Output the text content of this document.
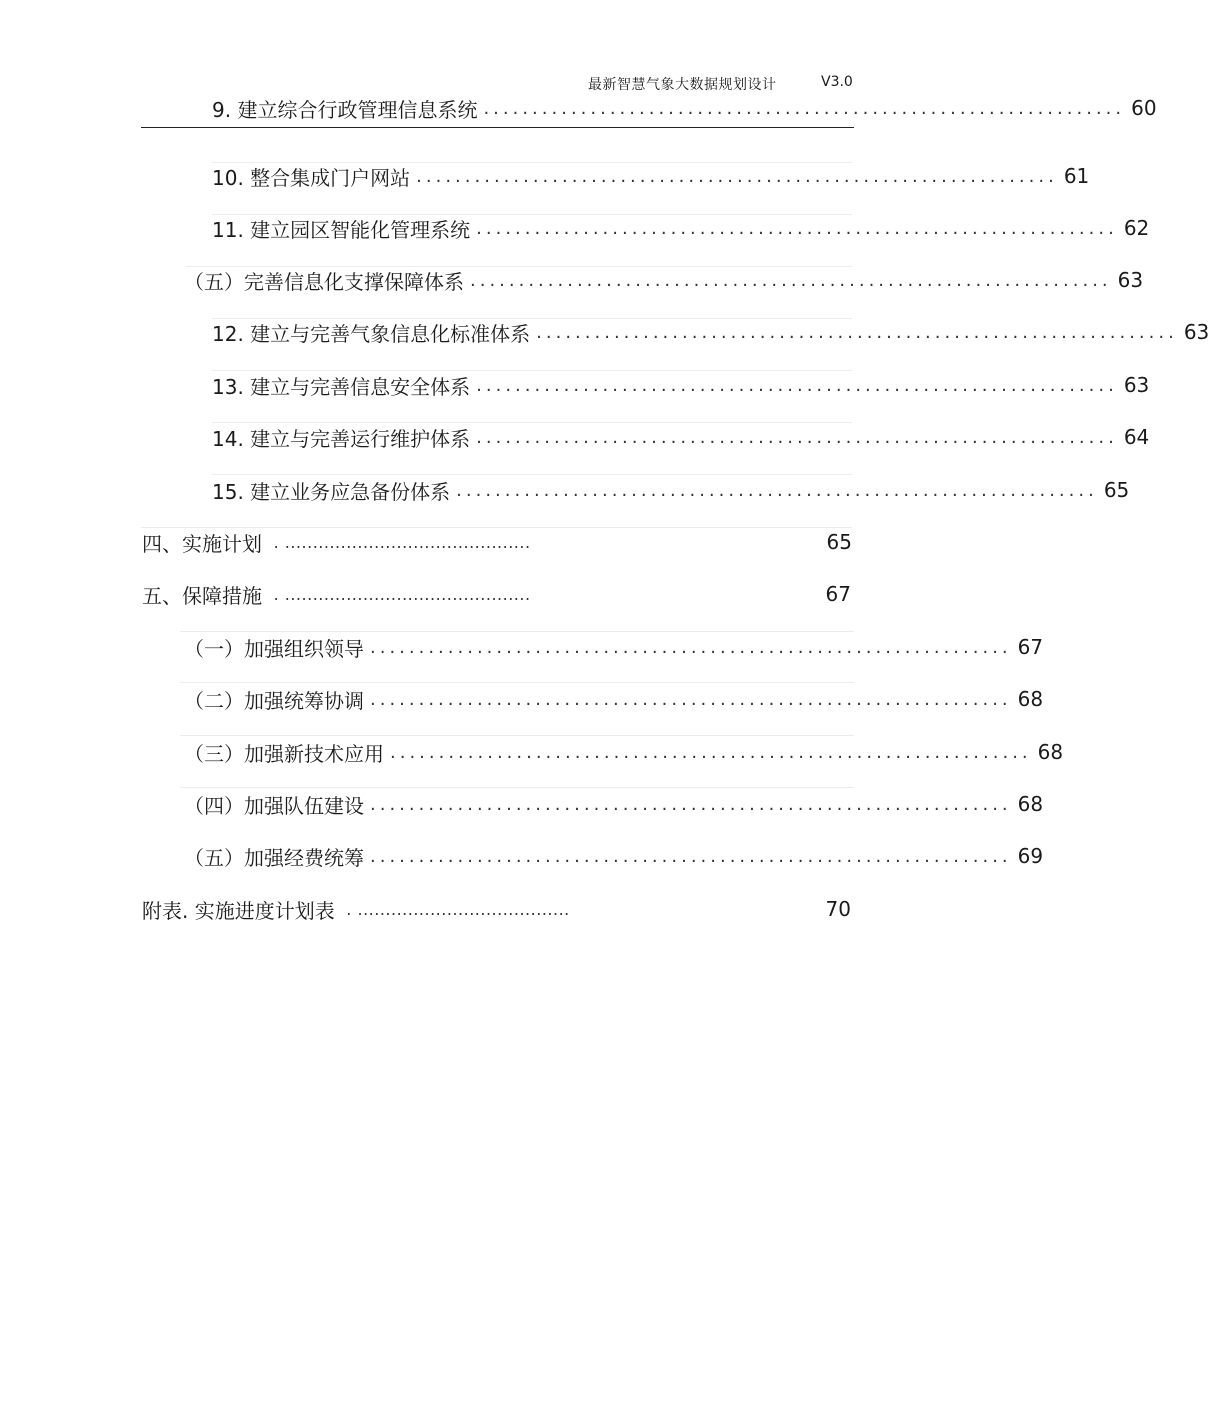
最新智慧气象大数据规划设计	V3.0
9. 建立综合行政管理信息系统 .................................................................. 60
10. 整合集成门户网站 .................................................................. 61
11. 建立园区智能化管理系统 .................................................................. 62
（五）完善信息化支撑保障体系 .................................................................. 63
12. 建立与完善气象信息化标准体系 .................................................................. 63
13. 建立与完善信息安全体系 .................................................................. 63
14. 建立与完善运行维护体系 .................................................................. 64
15. 建立业务应急备份体系 .................................................................. 65
四、实施计划 . ............................................	65
五、保障措施 . ............................................	67
（一）加强组织领导 .................................................................. 67
（二）加强统筹协调 .................................................................. 68
（三）加强新技术应用 .................................................................. 68
（四）加强队伍建设 .................................................................. 68
（五）加强经费统筹 .................................................................. 69
附表. 实施进度计划表 . ......................................	70
